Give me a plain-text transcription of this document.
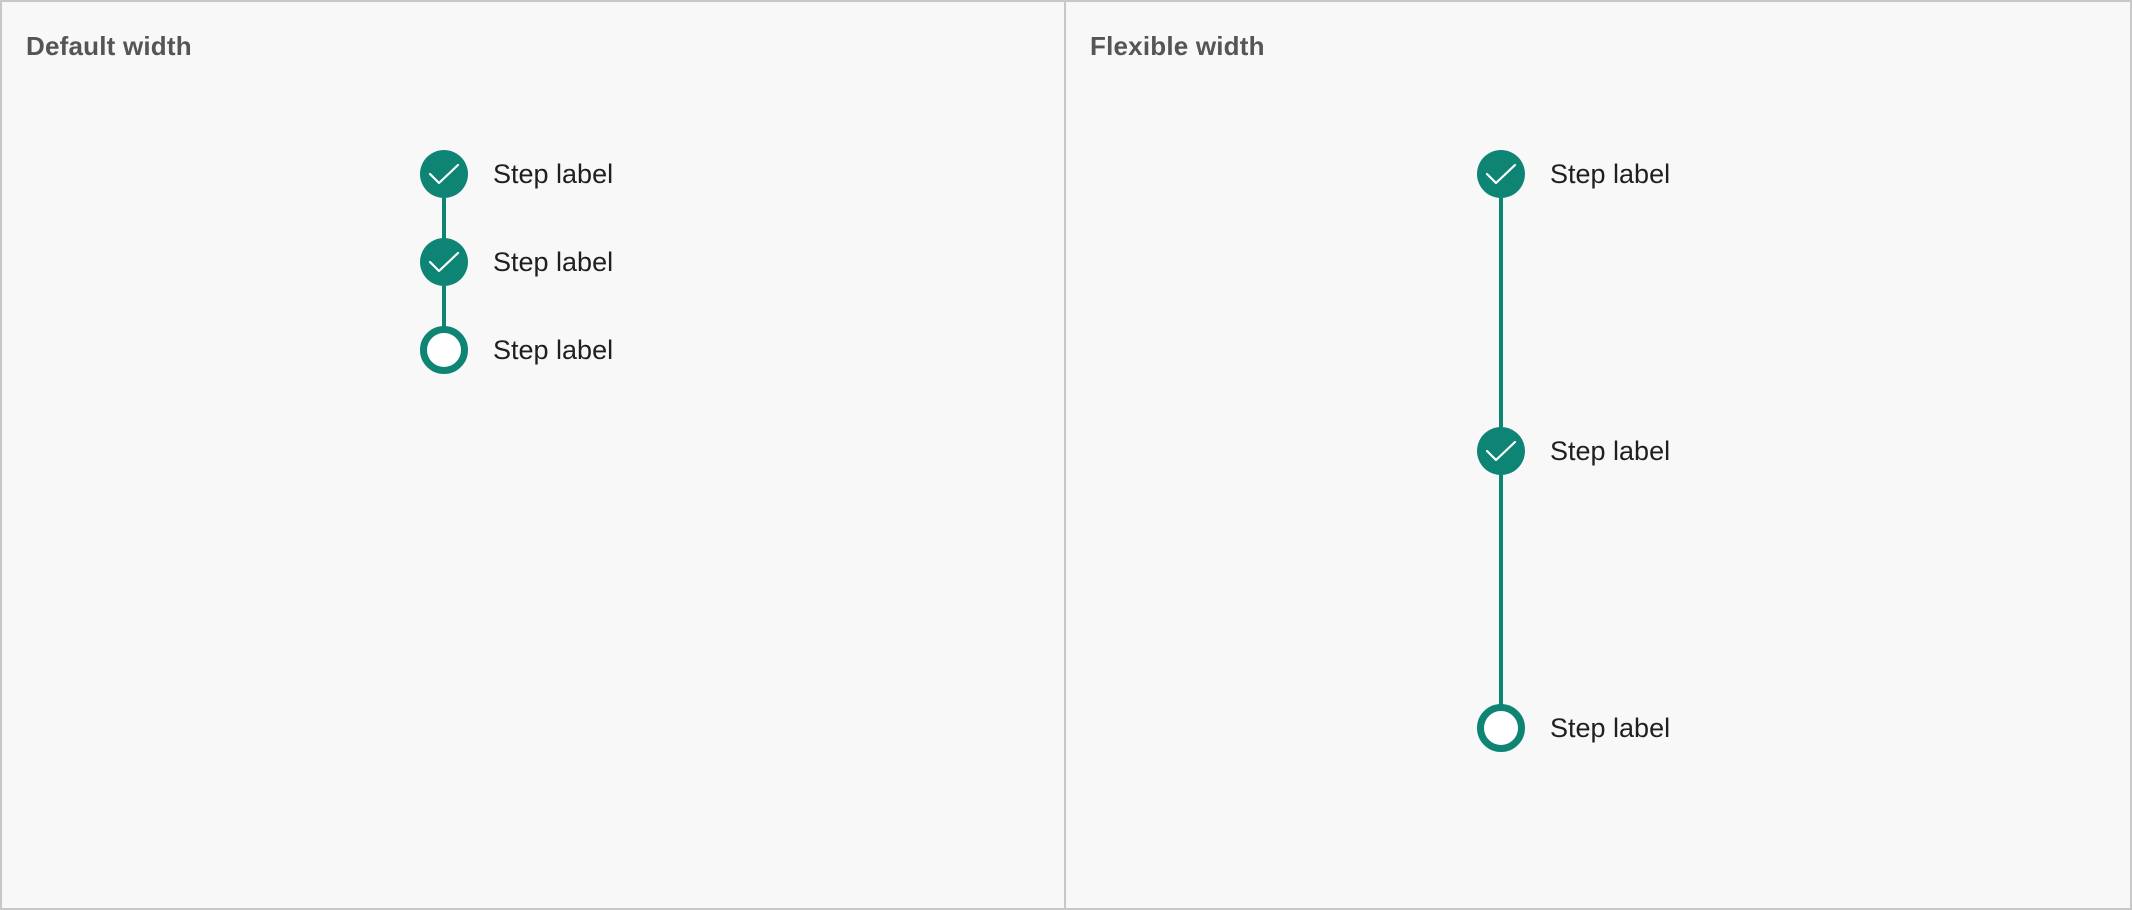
Default width
Step label
Step label
Step label
Flexible width
Step label
Step label
Step label
